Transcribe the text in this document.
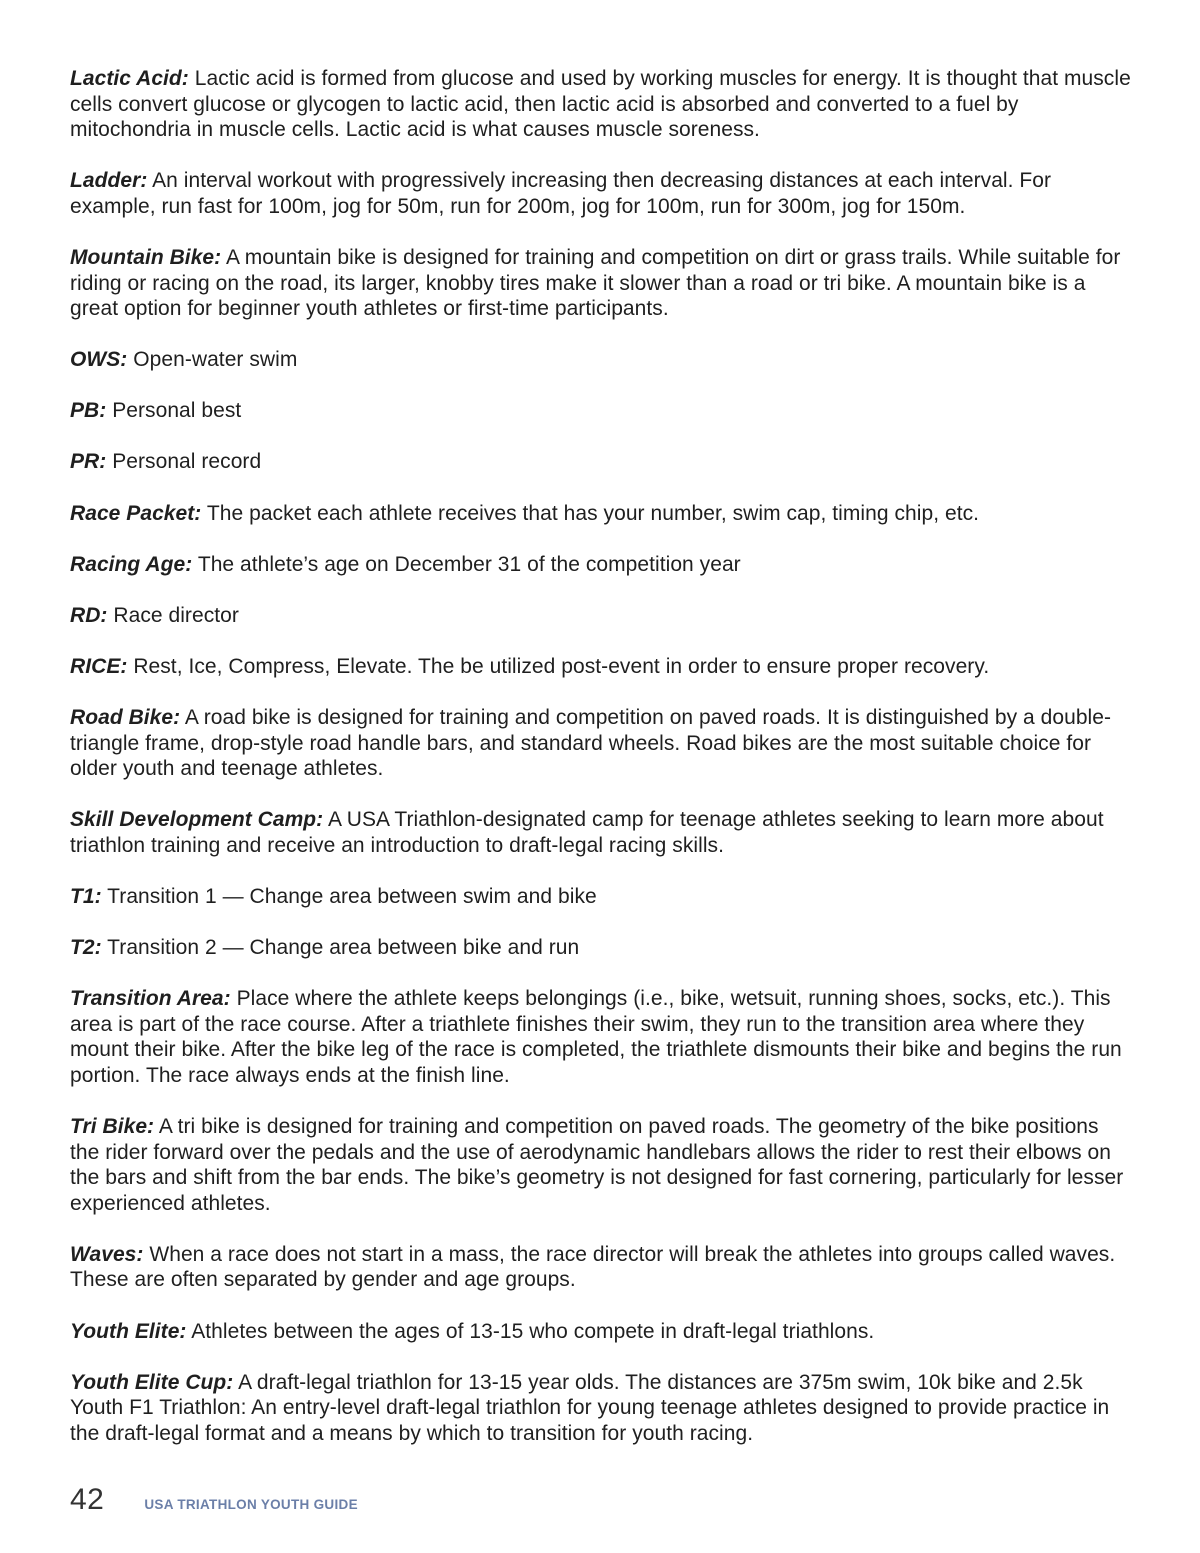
Lactic Acid: Lactic acid is formed from glucose and used by working muscles for energy. It is thought that muscle cells convert glucose or glycogen to lactic acid, then lactic acid is absorbed and converted to a fuel by mitochondria in muscle cells. Lactic acid is what causes muscle soreness.

Ladder: An interval workout with progressively increasing then decreasing distances at each interval. For example, run fast for 100m, jog for 50m, run for 200m, jog for 100m, run for 300m, jog for 150m.

Mountain Bike: A mountain bike is designed for training and competition on dirt or grass trails. While suitable for riding or racing on the road, its larger, knobby tires make it slower than a road or tri bike. A mountain bike is a great option for beginner youth athletes or first-time participants.

OWS: Open-water swim

PB: Personal best

PR: Personal record

Race Packet: The packet each athlete receives that has your number, swim cap, timing chip, etc.

Racing Age: The athlete’s age on December 31 of the competition year

RD: Race director

RICE: Rest, Ice, Compress, Elevate. The be utilized post-event in order to ensure proper recovery.

Road Bike: A road bike is designed for training and competition on paved roads. It is distinguished by a double-triangle frame, drop-style road handle bars, and standard wheels. Road bikes are the most suitable choice for older youth and teenage athletes.

Skill Development Camp: A USA Triathlon-designated camp for teenage athletes seeking to learn more about triathlon training and receive an introduction to draft-legal racing skills.

T1: Transition 1 — Change area between swim and bike

T2: Transition 2 — Change area between bike and run

Transition Area: Place where the athlete keeps belongings (i.e., bike, wetsuit, running shoes, socks, etc.). This area is part of the race course. After a triathlete finishes their swim, they run to the transition area where they mount their bike. After the bike leg of the race is completed, the triathlete dismounts their bike and begins the run portion. The race always ends at the finish line.

Tri Bike: A tri bike is designed for training and competition on paved roads. The geometry of the bike positions the rider forward over the pedals and the use of aerodynamic handlebars allows the rider to rest their elbows on the bars and shift from the bar ends. The bike’s geometry is not designed for fast cornering, particularly for lesser experienced athletes.

Waves: When a race does not start in a mass, the race director will break the athletes into groups called waves. These are often separated by gender and age groups.

Youth Elite: Athletes between the ages of 13-15 who compete in draft-legal triathlons.

Youth Elite Cup: A draft-legal triathlon for 13-15 year olds. The distances are 375m swim, 10k bike and 2.5k Youth F1 Triathlon: An entry-level draft-legal triathlon for young teenage athletes designed to provide practice in the draft-legal format and a means by which to transition for youth racing.

42	USA TRIATHLON YOUTH GUIDE
